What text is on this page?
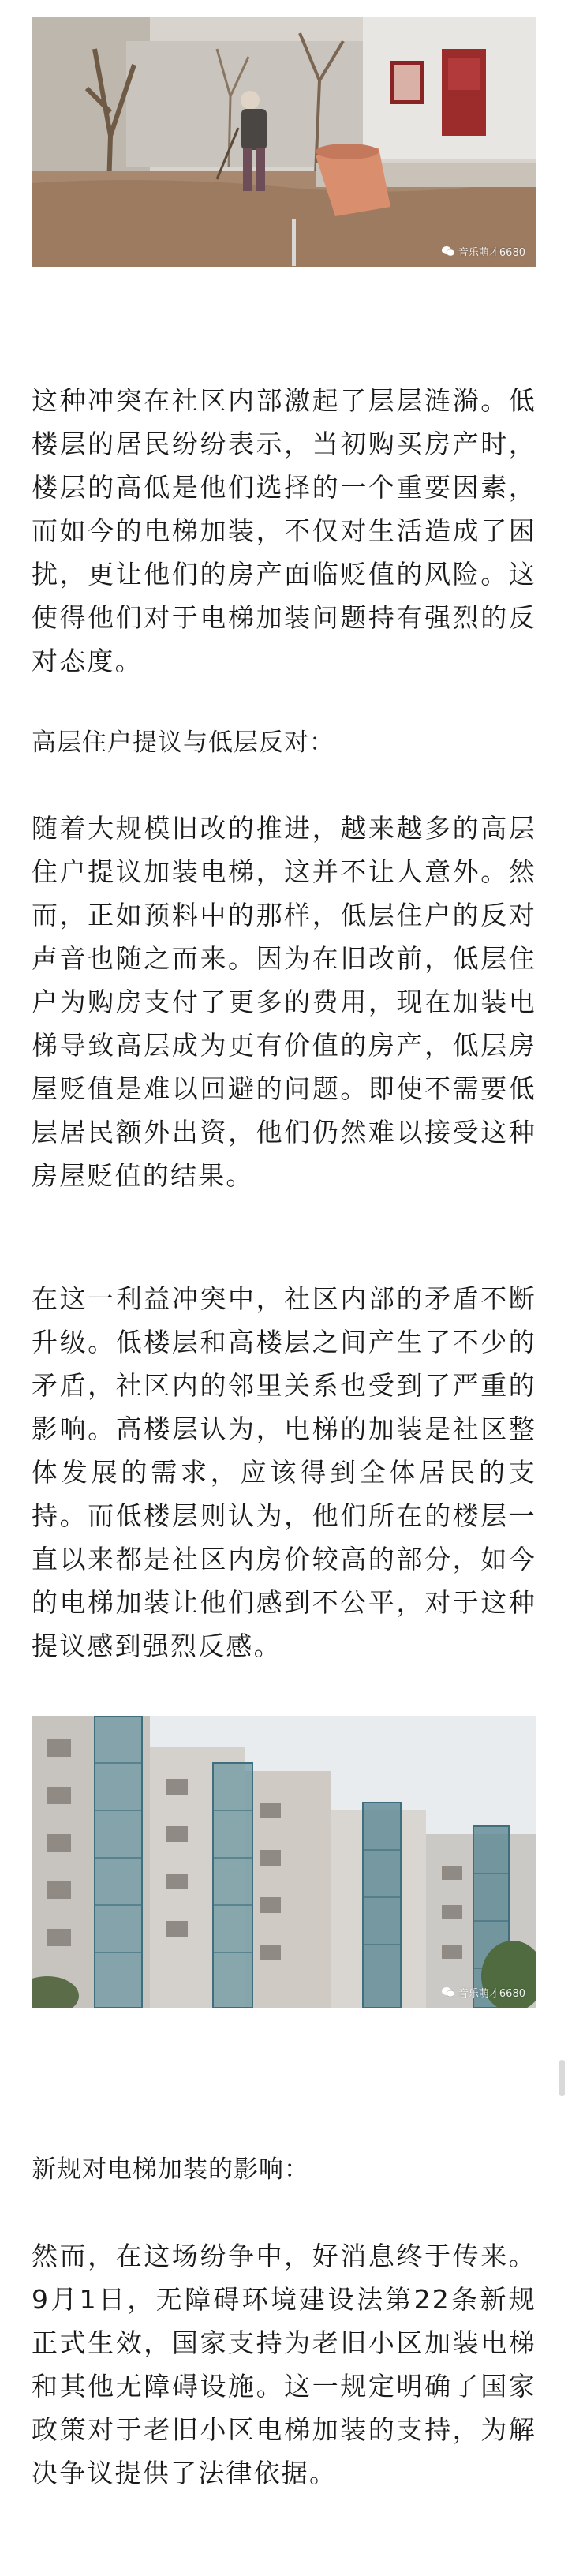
音乐萌才6680

这种冲突在社区内部激起了层层涟漪。低楼层的居民纷纷表示，当初购买房产时，楼层的高低是他们选择的一个重要因素，而如今的电梯加装，不仅对生活造成了困扰，更让他们的房产面临贬值的风险。这使得他们对于电梯加装问题持有强烈的反对态度。

高层住户提议与低层反对：

随着大规模旧改的推进，越来越多的高层住户提议加装电梯，这并不让人意外。然而，正如预料中的那样，低层住户的反对声音也随之而来。因为在旧改前，低层住户为购房支付了更多的费用，现在加装电梯导致高层成为更有价值的房产，低层房屋贬值是难以回避的问题。即使不需要低层居民额外出资，他们仍然难以接受这种房屋贬值的结果。

在这一利益冲突中，社区内部的矛盾不断升级。低楼层和高楼层之间产生了不少的矛盾，社区内的邻里关系也受到了严重的影响。高楼层认为，电梯的加装是社区整体发展的需求，应该得到全体居民的支持。而低楼层则认为，他们所在的楼层一直以来都是社区内房价较高的部分，如今的电梯加装让他们感到不公平，对于这种提议感到强烈反感。

音乐萌才6680

新规对电梯加装的影响：

然而，在这场纷争中，好消息终于传来。9月1日，无障碍环境建设法第22条新规正式生效，国家支持为老旧小区加装电梯和其他无障碍设施。这一规定明确了国家政策对于老旧小区电梯加装的支持，为解决争议提供了法律依据。
